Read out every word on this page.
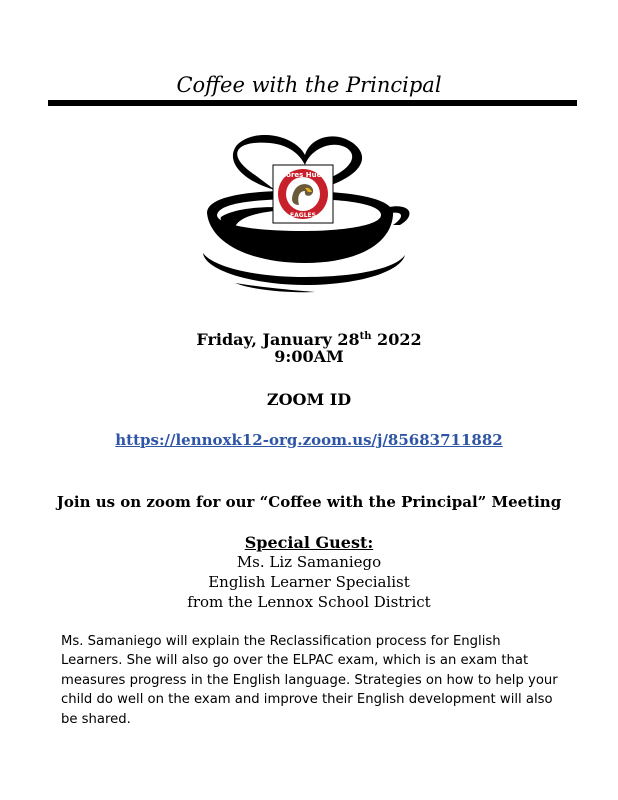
Coffee with the Principal
Dolores Huerta
EAGLES
Friday, January 28th 2022
9:00AM
ZOOM ID
https://lennoxk12-org.zoom.us/j/85683711882
Join us on zoom for our “Coffee with the Principal” Meeting
Special Guest:
Ms. Liz Samaniego
English Learner Specialist
from the Lennox School District
Ms. Samaniego will explain the Reclassification process for English Learners. She will also go over the ELPAC exam, which is an exam that measures progress in the English language. Strategies on how to help your child do well on the exam and improve their English development will also be shared.
